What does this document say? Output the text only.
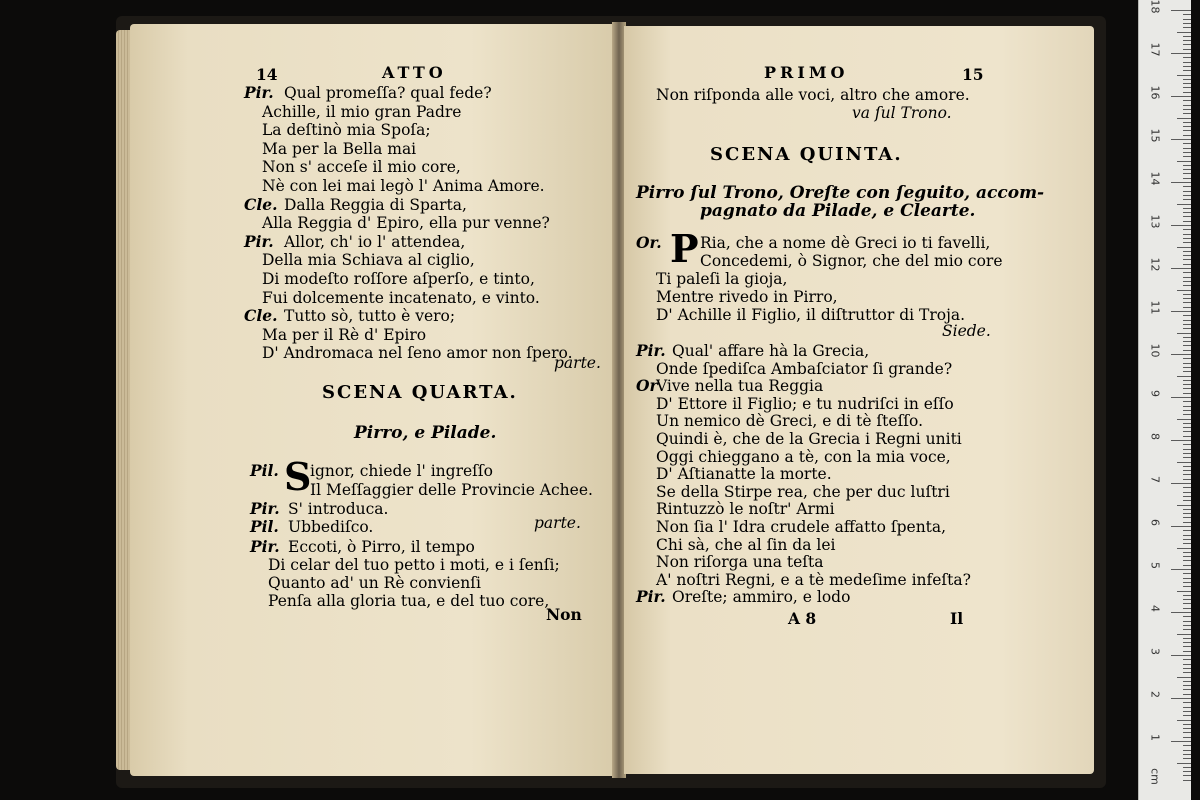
14	ATTO
Pir. Qual promeſſa? qual fede?
Achille, il mio gran Padre
La deſtinò mia Spoſa;
Ma per la Bella mai
Non s' acceſe il mio core,
Nè con lei mai legò l' Anima Amore.
Cle. Dalla Reggia di Sparta,
Alla Reggia d' Epiro, ella pur venne?
Pir. Allor, ch' io l' attendea,
Della mia Schiava al ciglio,
Di modeſto roſſore aſperſo, e tinto,
Fui dolcemente incatenato, e vinto.
Cle. Tutto sò, tutto è vero;
Ma per il Rè d' Epiro
D' Andromaca nel ſeno amor non ſpero.
parte.
SCENA QUARTA.
Pirro, e Pilade.
S
Pil. ignor, chiede l' ingreſſo
Il Meſſaggier delle Provincie Achee.
Pir. S' introduca.
Pil. Ubbediſco.
Pir. Eccoti, ò Pirro, il tempo
Di celar del tuo petto i moti, e i ſenſi;
Quanto ad' un Rè convienſi
Penſa alla gloria tua, e del tuo core,
parte.
Non
PRIMO	15
Non riſponda alle voci, altro che amore.
va ſul Trono.
SCENA QUINTA.
Pirro ſul Trono, Oreſte con ſeguito, accom-
pagnato da Pilade, e Clearte.
P
Or. Ria, che a nome dè Greci io ti favelli,
Concedemi, ò Signor, che del mio core
Ti paleſi la gioja,
Mentre rivedo in Pirro,
D' Achille il Figlio, il diſtruttor di Troja.
Siede.
Pir. Qual' affare hà la Grecia,
Onde ſpediſca Ambaſciator ſi grande?
Or
Vive nella tua Reggia
D' Ettore il Figlio; e tu nudriſci in eſſo
Un nemico dè Greci, e di tè ſteſſo.
Quindi è, che de la Grecia i Regni uniti
Oggi chieggano a tè, con la mia voce,
D' Aſtianatte la morte.
Se della Stirpe rea, che per duc luſtri
Rintuzzò le noſtr' Armi
Non ſia l' Idra crudele affatto ſpenta,
Chi sà, che al ſin da lei
Non riſorga una teſta
A' noſtri Regni, e a tè medeſime infeſta?
Pir. Oreſte; ammiro, e lodo
A 8	Il
18
17
16
15
14
13
12
11
10
9
8
7
6
5
4
3
2
1
cm
